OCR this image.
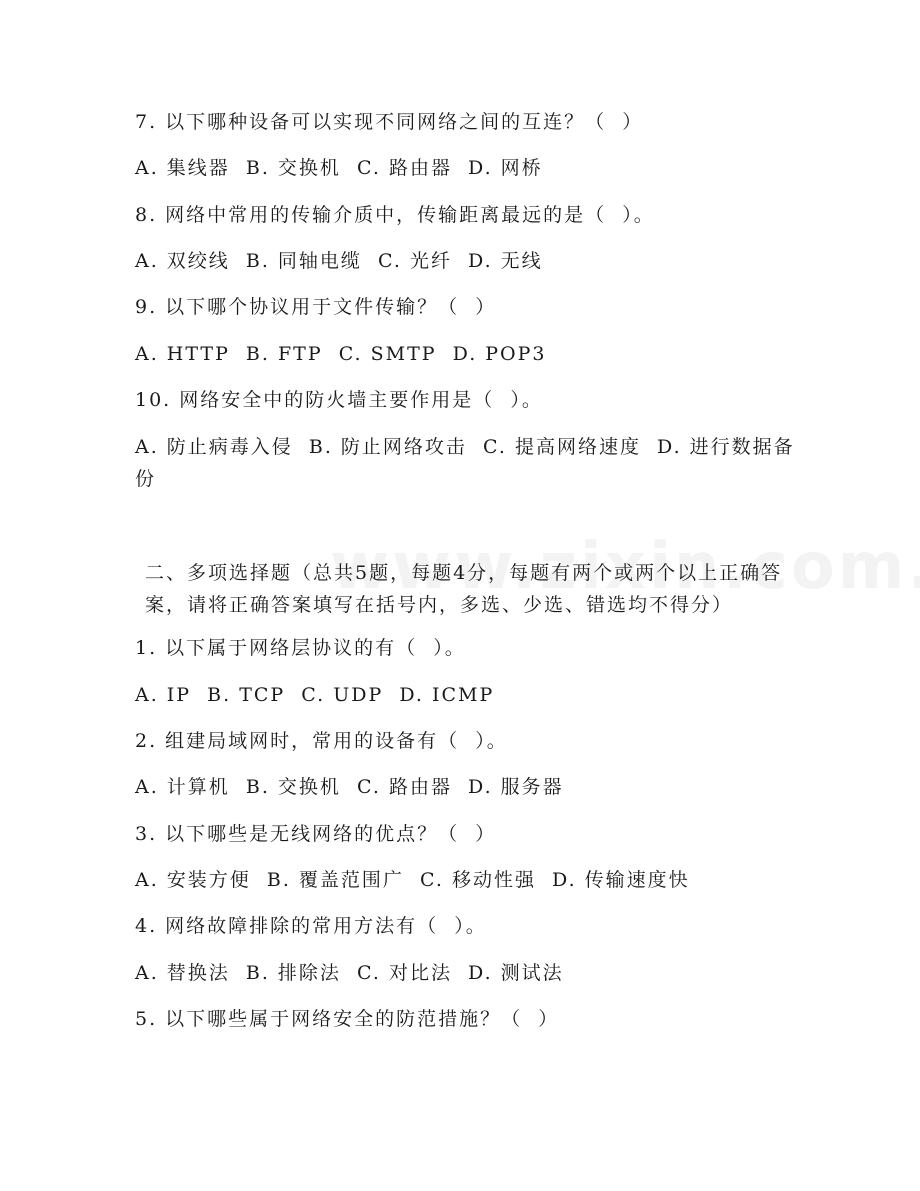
7. 以下哪种设备可以实现不同网络之间的互连？（  ）
A. 集线器  B. 交换机  C. 路由器  D. 网桥
8. 网络中常用的传输介质中，传输距离最远的是（  ）。
A. 双绞线  B. 同轴电缆  C. 光纤  D. 无线
9. 以下哪个协议用于文件传输？（  ）
A. HTTP  B. FTP  C. SMTP  D. POP3
10. 网络安全中的防火墙主要作用是（  ）。
A. 防止病毒入侵  B. 防止网络攻击  C. 提高网络速度  D. 进行数据备份
二、多项选择题（总共5题，每题4分，每题有两个或两个以上正确答案，请将正确答案填写在括号内，多选、少选、错选均不得分）
1. 以下属于网络层协议的有（  ）。
A. IP  B. TCP  C. UDP  D. ICMP
2. 组建局域网时，常用的设备有（  ）。
A. 计算机  B. 交换机  C. 路由器  D. 服务器
3. 以下哪些是无线网络的优点？（  ）
A. 安装方便  B. 覆盖范围广  C. 移动性强  D. 传输速度快
4. 网络故障排除的常用方法有（  ）。
A. 替换法  B. 排除法  C. 对比法  D. 测试法
5. 以下哪些属于网络安全的防范措施？（  ）
